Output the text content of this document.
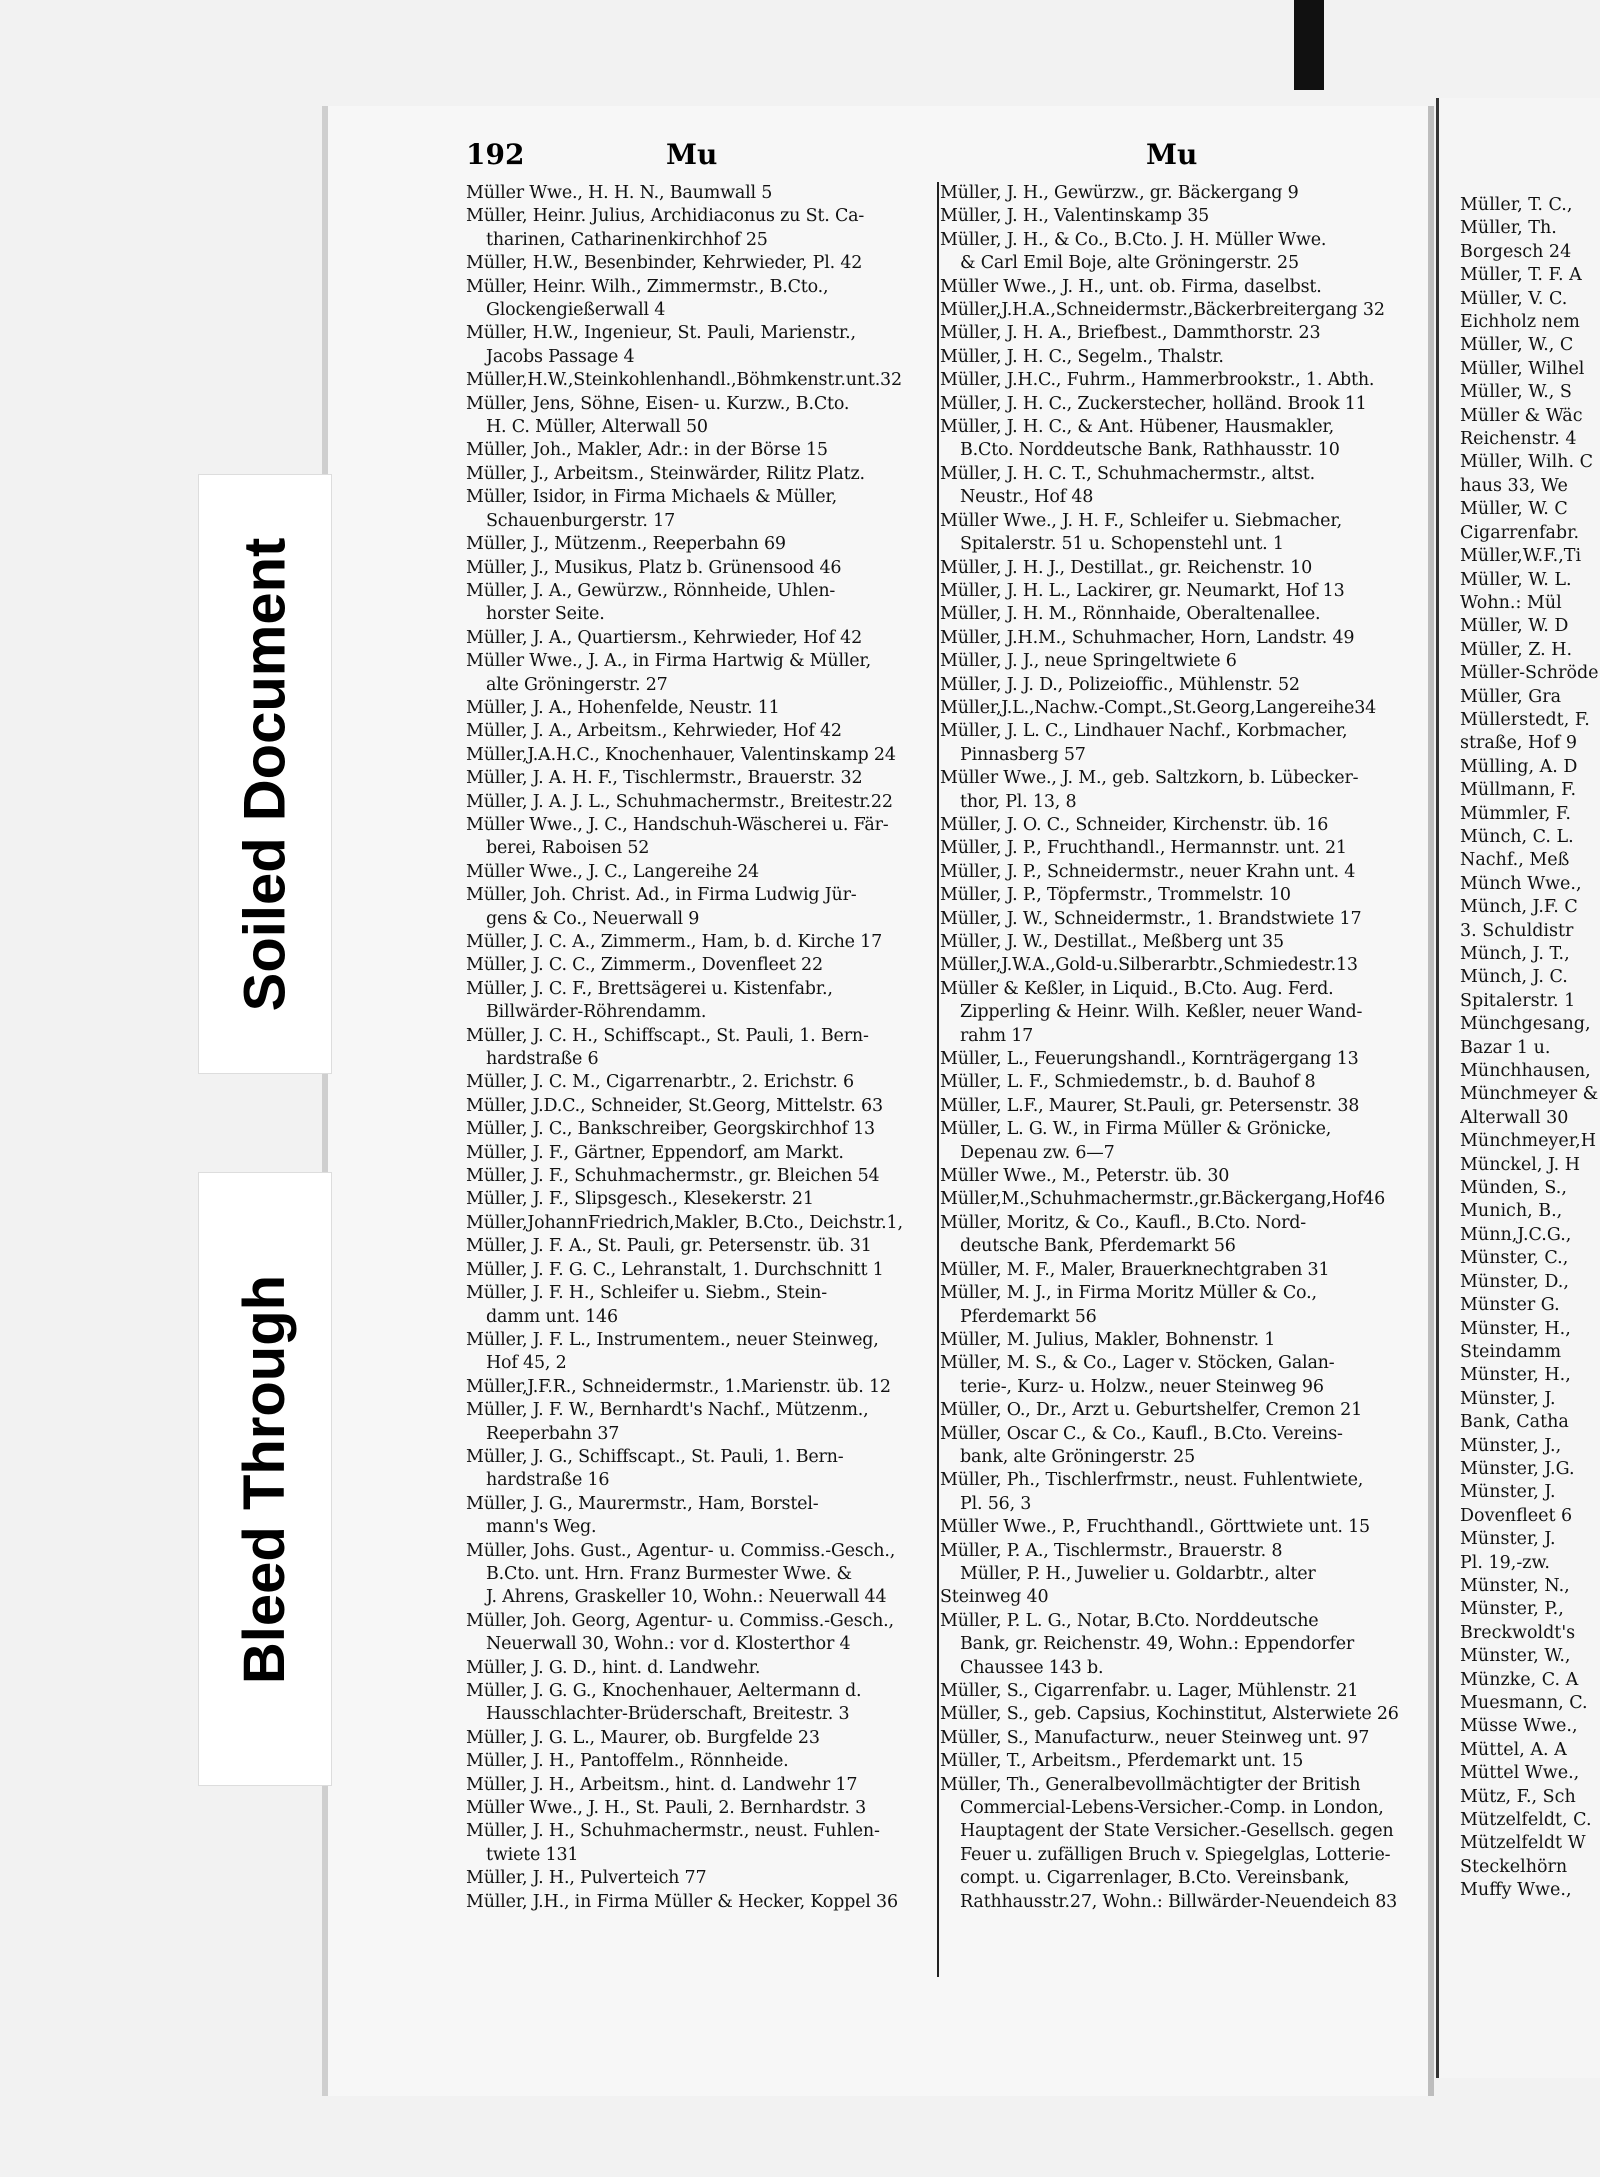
192	Mu	Mu
Müller Wwe., H. H. N., Baumwall 5
Müller, Heinr. Julius, Archidiaconus zu St. Ca-
tharinen, Catharinenkirchhof 25
Müller, H.W., Besenbinder, Kehrwieder, Pl. 42
Müller, Heinr. Wilh., Zimmermstr., B.Cto.,
Glockengießerwall 4
Müller, H.W., Ingenieur, St. Pauli, Marienstr.,
Jacobs Passage 4
Müller,H.W.,Steinkohlenhandl.,Böhmkenstr.unt.32
Müller, Jens, Söhne, Eisen- u. Kurzw., B.Cto.
H. C. Müller, Alterwall 50
Müller, Joh., Makler, Adr.: in der Börse 15
Müller, J., Arbeitsm., Steinwärder, Rilitz Platz.
Müller, Isidor, in Firma Michaels & Müller,
Schauenburgerstr. 17
Müller, J., Mützenm., Reeperbahn 69
Müller, J., Musikus, Platz b. Grünensood 46
Müller, J. A., Gewürzw., Rönnheide, Uhlen-
horster Seite.
Müller, J. A., Quartiersm., Kehrwieder, Hof 42
Müller Wwe., J. A., in Firma Hartwig & Müller,
alte Gröningerstr. 27
Müller, J. A., Hohenfelde, Neustr. 11
Müller, J. A., Arbeitsm., Kehrwieder, Hof 42
Müller,J.A.H.C., Knochenhauer, Valentinskamp 24
Müller, J. A. H. F., Tischlermstr., Brauerstr. 32
Müller, J. A. J. L., Schuhmachermstr., Breitestr.22
Müller Wwe., J. C., Handschuh-Wäscherei u. Fär-
berei, Raboisen 52
Müller Wwe., J. C., Langereihe 24
Müller, Joh. Christ. Ad., in Firma Ludwig Jür-
gens & Co., Neuerwall 9
Müller, J. C. A., Zimmerm., Ham, b. d. Kirche 17
Müller, J. C. C., Zimmerm., Dovenfleet 22
Müller, J. C. F., Brettsägerei u. Kistenfabr.,
Billwärder-Röhrendamm.
Müller, J. C. H., Schiffscapt., St. Pauli, 1. Bern-
hardstraße 6
Müller, J. C. M., Cigarrenarbtr., 2. Erichstr. 6
Müller, J.D.C., Schneider, St.Georg, Mittelstr. 63
Müller, J. C., Bankschreiber, Georgskirchhof 13
Müller, J. F., Gärtner, Eppendorf, am Markt.
Müller, J. F., Schuhmachermstr., gr. Bleichen 54
Müller, J. F., Slipsgesch., Klesekerstr. 21
Müller,JohannFriedrich,Makler, B.Cto., Deichstr.1,
Müller, J. F. A., St. Pauli, gr. Petersenstr. üb. 31
Müller, J. F. G. C., Lehranstalt, 1. Durchschnitt 1
Müller, J. F. H., Schleifer u. Siebm., Stein-
damm unt. 146
Müller, J. F. L., Instrumentem., neuer Steinweg,
Hof 45, 2
Müller,J.F.R., Schneidermstr., 1.Marienstr. üb. 12
Müller, J. F. W., Bernhardt's Nachf., Mützenm.,
Reeperbahn 37
Müller, J. G., Schiffscapt., St. Pauli, 1. Bern-
hardstraße 16
Müller, J. G., Maurermstr., Ham, Borstel-
mann's Weg.
Müller, Johs. Gust., Agentur- u. Commiss.-Gesch.,
B.Cto. unt. Hrn. Franz Burmester Wwe. &
J. Ahrens, Graskeller 10, Wohn.: Neuerwall 44
Müller, Joh. Georg, Agentur- u. Commiss.-Gesch.,
Neuerwall 30, Wohn.: vor d. Klosterthor 4
Müller, J. G. D., hint. d. Landwehr.
Müller, J. G. G., Knochenhauer, Aeltermann d.
Hausschlachter-Brüderschaft, Breitestr. 3
Müller, J. G. L., Maurer, ob. Burgfelde 23
Müller, J. H., Pantoffelm., Rönnheide.
Müller, J. H., Arbeitsm., hint. d. Landwehr 17
Müller Wwe., J. H., St. Pauli, 2. Bernhardstr. 3
Müller, J. H., Schuhmachermstr., neust. Fuhlen-
twiete 131
Müller, J. H., Pulverteich 77
Müller, J.H., in Firma Müller & Hecker, Koppel 36
Müller, J. H., Gewürzw., gr. Bäckergang 9
Müller, J. H., Valentinskamp 35
Müller, J. H., & Co., B.Cto. J. H. Müller Wwe.
& Carl Emil Boje, alte Gröningerstr. 25
Müller Wwe., J. H., unt. ob. Firma, daselbst.
Müller,J.H.A.,Schneidermstr.,Bäckerbreitergang 32
Müller, J. H. A., Briefbest., Dammthorstr. 23
Müller, J. H. C., Segelm., Thalstr.
Müller, J.H.C., Fuhrm., Hammerbrookstr., 1. Abth.
Müller, J. H. C., Zuckerstecher, holländ. Brook 11
Müller, J. H. C., & Ant. Hübener, Hausmakler,
B.Cto. Norddeutsche Bank, Rathhausstr. 10
Müller, J. H. C. T., Schuhmachermstr., altst.
Neustr., Hof 48
Müller Wwe., J. H. F., Schleifer u. Siebmacher,
Spitalerstr. 51 u. Schopenstehl unt. 1
Müller, J. H. J., Destillat., gr. Reichenstr. 10
Müller, J. H. L., Lackirer, gr. Neumarkt, Hof 13
Müller, J. H. M., Rönnhaide, Oberaltenallee.
Müller, J.H.M., Schuhmacher, Horn, Landstr. 49
Müller, J. J., neue Springeltwiete 6
Müller, J. J. D., Polizeioffic., Mühlenstr. 52
Müller,J.L.,Nachw.-Compt.,St.Georg,Langereihe34
Müller, J. L. C., Lindhauer Nachf., Korbmacher,
Pinnasberg 57
Müller Wwe., J. M., geb. Saltzkorn, b. Lübecker-
thor, Pl. 13, 8
Müller, J. O. C., Schneider, Kirchenstr. üb. 16
Müller, J. P., Fruchthandl., Hermannstr. unt. 21
Müller, J. P., Schneidermstr., neuer Krahn unt. 4
Müller, J. P., Töpfermstr., Trommelstr. 10
Müller, J. W., Schneidermstr., 1. Brandstwiete 17
Müller, J. W., Destillat., Meßberg unt 35
Müller,J.W.A.,Gold-u.Silberarbtr.,Schmiedestr.13
Müller & Keßler, in Liquid., B.Cto. Aug. Ferd.
Zipperling & Heinr. Wilh. Keßler, neuer Wand-
rahm 17
Müller, L., Feuerungshandl., Kornträgergang 13
Müller, L. F., Schmiedemstr., b. d. Bauhof 8
Müller, L.F., Maurer, St.Pauli, gr. Petersenstr. 38
Müller, L. G. W., in Firma Müller & Grönicke,
Depenau zw. 6—7
Müller Wwe., M., Peterstr. üb. 30
Müller,M.,Schuhmachermstr.,gr.Bäckergang,Hof46
Müller, Moritz, & Co., Kaufl., B.Cto. Nord-
deutsche Bank, Pferdemarkt 56
Müller, M. F., Maler, Brauerknechtgraben 31
Müller, M. J., in Firma Moritz Müller & Co.,
Pferdemarkt 56
Müller, M. Julius, Makler, Bohnenstr. 1
Müller, M. S., & Co., Lager v. Stöcken, Galan-
terie-, Kurz- u. Holzw., neuer Steinweg 96
Müller, O., Dr., Arzt u. Geburtshelfer, Cremon 21
Müller, Oscar C., & Co., Kaufl., B.Cto. Vereins-
bank, alte Gröningerstr. 25
Müller, Ph., Tischlerfrmstr., neust. Fuhlentwiete,
Pl. 56, 3
Müller Wwe., P., Fruchthandl., Görttwiete unt. 15
Müller, P. A., Tischlermstr., Brauerstr. 8
Müller, P. H., Juwelier u. Goldarbtr., alter
Steinweg 40
Müller, P. L. G., Notar, B.Cto. Norddeutsche
Bank, gr. Reichenstr. 49, Wohn.: Eppendorfer
Chaussee 143 b.
Müller, S., Cigarrenfabr. u. Lager, Mühlenstr. 21
Müller, S., geb. Capsius, Kochinstitut, Alsterwiete 26
Müller, S., Manufacturw., neuer Steinweg unt. 97
Müller, T., Arbeitsm., Pferdemarkt unt. 15
Müller, Th., Generalbevollmächtigter der British
Commercial-Lebens-Versicher.-Comp. in London,
Hauptagent der State Versicher.-Gesellsch. gegen
Feuer u. zufälligen Bruch v. Spiegelglas, Lotterie-
compt. u. Cigarrenlager, B.Cto. Vereinsbank,
Rathhausstr.27, Wohn.: Billwärder-Neuendeich 83
Müller, T. C.,
Müller, Th.
Borgesch 24
Müller, T. F. A
Müller, V. C.
Eichholz nem
Müller, W., C
Müller, Wilhel
Müller, W., S
Müller & Wäc
Reichenstr. 4
Müller, Wilh. C
haus 33, We
Müller, W. C
Cigarrenfabr.
Müller,W.F.,Ti
Müller, W. L.
Wohn.: Mül
Müller, W. D
Müller, Z. H.
Müller-Schröde
Müller, Gra
Müllerstedt, F.
straße, Hof 9
Mülling, A. D
Müllmann, F.
Mümmler, F.
Münch, C. L.
Nachf., Meß
Münch Wwe.,
Münch, J.F. C
3. Schuldistr
Münch, J. T.,
Münch, J. C.
Spitalerstr. 1
Münchgesang,
Bazar 1 u.
Münchhausen,
Münchmeyer &
Alterwall 30
Münchmeyer,H
Münckel, J. H
Münden, S.,
Munich, B.,
Münn,J.C.G.,
Münster, C.,
Münster, D.,
Münster G.
Münster, H.,
Steindamm
Münster, H.,
Münster, J.
Bank, Catha
Münster, J.,
Münster, J.G.
Münster, J.
Dovenfleet 6
Münster, J.
Pl. 19,-zw.
Münster, N.,
Münster, P.,
Breckwoldt's
Münster, W.,
Münzke, C. A
Muesmann, C.
Müsse Wwe.,
Müttel, A. A
Müttel Wwe.,
Mütz, F., Sch
Mützelfeldt, C.
Mützelfeldt W
Steckelhörn
Muffy Wwe.,
Soiled Document
Bleed Through
